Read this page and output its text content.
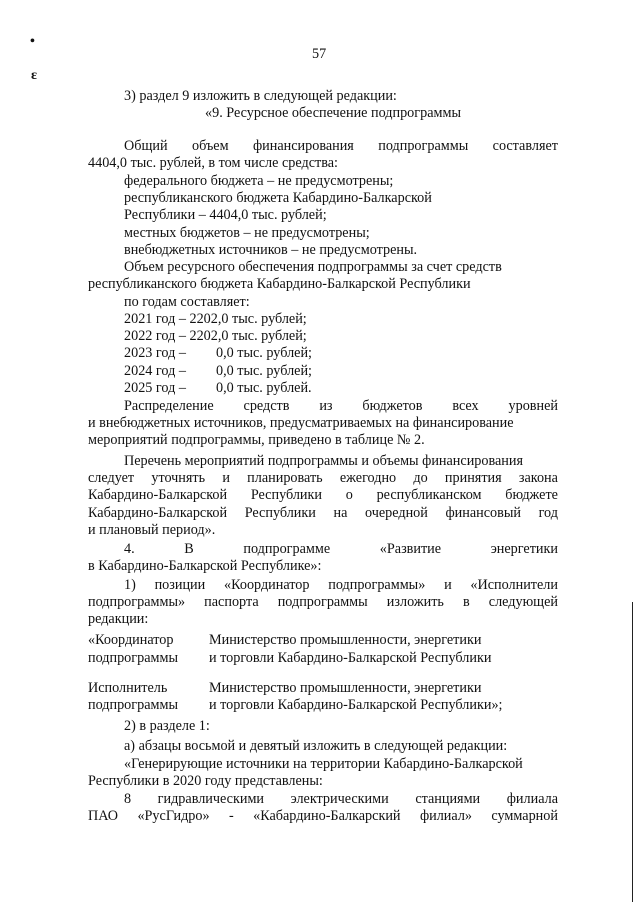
•
ɛ
57
3) раздел 9 изложить в следующей редакции:
«9. Ресурсное обеспечение подпрограммы
Общий объем финансирования подпрограммы составляет
4404,0 тыс. рублей, в том числе средства:
федерального бюджета – не предусмотрены;
республиканского бюджета Кабардино-Балкарской
Республики – 4404,0 тыс. рублей;
местных бюджетов – не предусмотрены;
внебюджетных источников – не предусмотрены.
Объем ресурсного обеспечения подпрограммы за счет средств
республиканского бюджета Кабардино-Балкарской Республики
по годам составляет:
2021 год – 2202,0 тыс. рублей;
2022 год – 2202,0 тыс. рублей;
2023 год – 0,0 тыс. рублей;
2024 год – 0,0 тыс. рублей;
2025 год – 0,0 тыс. рублей.
Распределение средств из бюджетов всех уровней
и внебюджетных источников, предусматриваемых на финансирование
мероприятий подпрограммы, приведено в таблице № 2.
Перечень мероприятий подпрограммы и объемы финансирования
следует уточнять и планировать ежегодно до принятия закона
Кабардино-Балкарской Республики о республиканском бюджете
Кабардино-Балкарской Республики на очередной финансовый год
и плановый период».
4.	В	подпрограмме	«Развитие	энергетики
в Кабардино-Балкарской Республике»:
1) позиции «Координатор подпрограммы» и «Исполнители
подпрограммы» паспорта подпрограммы изложить в следующей
редакции:
«Координатор	Министерство промышленности, энергетики
подпрограммы и торговли Кабардино-Балкарской Республики
Исполнитель	Министерство промышленности, энергетики
подпрограммы и торговли Кабардино-Балкарской Республики»;
2) в разделе 1:
а) абзацы восьмой и девятый изложить в следующей редакции:
«Генерирующие источники на территории Кабардино-Балкарской
Республики в 2020 году представлены:
8 гидравлическими электрическими станциями филиала
ПАО «РусГидро» - «Кабардино-Балкарский филиал» суммарной
